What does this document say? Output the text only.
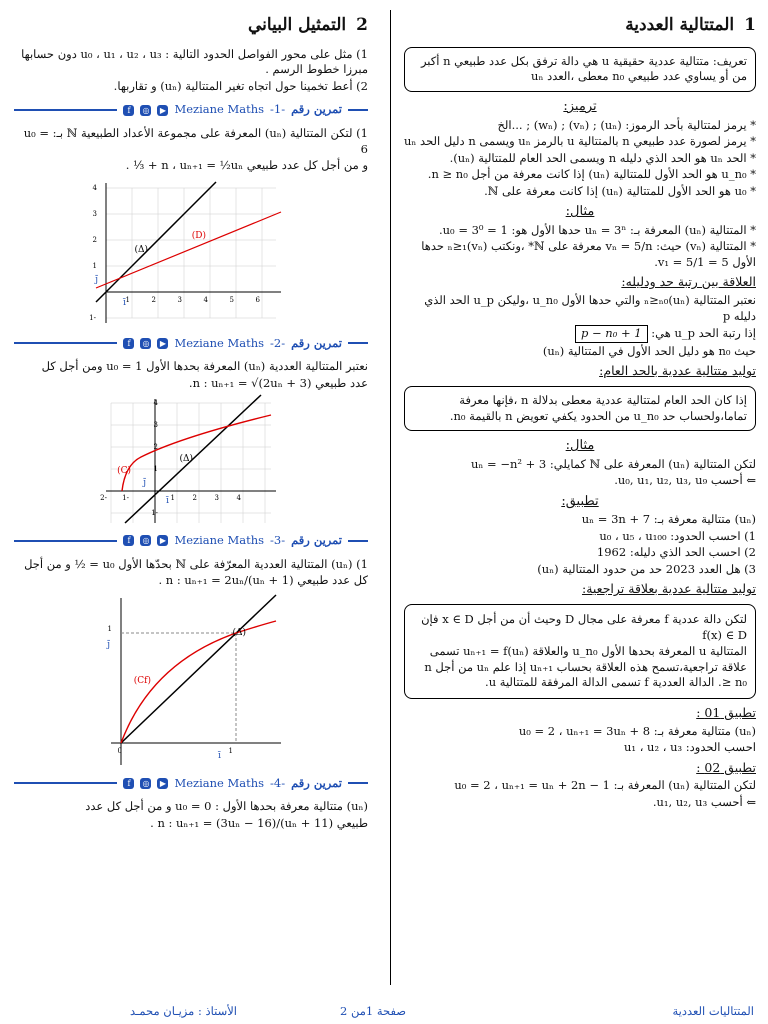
1
المتتالية العددية
تعريف: متتالية عددية حقيقية u هي دالة ترفق بكل عدد طبيعي n أكبر من أو يساوي عدد طبيعي n₀ معطى ،العدد uₙ
ترميز:
* يرمز لمتتالية بأحد الرموز: (uₙ) ; (vₙ) ; (wₙ) ; ...الخ
* يرمز لصورة عدد طبيعي n بالمتتالية u بالرمز uₙ ويسمى n دليل الحد uₙ
* الحد uₙ هو الحد الذي دليله n ويسمى الحد العام للمتتالية (uₙ).
* u_n₀ هو الحد الأول للمتتالية (uₙ) إذا كانت معرفة من أجل n ≥ n₀.
* u₀ هو الحد الأول للمتتالية (uₙ) إذا كانت معرفة على ℕ.
مثال:
* المتتالية (uₙ) المعرفة بـ: uₙ = 3ⁿ حدها الأول هو: u₀ = 3⁰ = 1.
* المتتالية (vₙ) حيث: vₙ = 5/n معرفة على ℕ* ،ونكتب (vₙ)ₙ≥₁ حدها الأول v₁ = 5/1 = 5.
العلاقة بين رتبة حد ودليله:
نعتبر المتتالية (uₙ)ₙ≥ₙ₀ والتي حدها الأول u_n₀ ،وليكن u_p الحد الذي دليله p
إذا رتبة الحد u_p هي: p − n₀ + 1
حيث n₀ هو دليل الحد الأول في المتتالية (uₙ)
توليد متتالية عددية بالحد العام:
إذا كان الحد العام لمتتالية عددية معطى بدلالة n ،فإنها معرفة تماما،ولحساب حد u_n₀ من الحدود يكفي تعويض n بالقيمة n₀.
مثال:
لتكن المتتالية (uₙ) المعرفة على ℕ كمايلي: uₙ = −n² + 3
⇐ أحسب u₀, u₁, u₂, u₃, u₉.
تطبيق:
(uₙ) متتالية معرفة بـ: uₙ = 3n + 7
1) احسب الحدود: u₀ ، u₅ ، u₁₀₀
2) احسب الحد الذي دليله: 1962
3) هل العدد 2023 حد من حدود المتتالية (uₙ)
توليد متتالية عددية بعلاقة تراجعية:
لتكن دالة عددية f معرفة على مجال D وحيث أن من أجل x ∈ D فإن f(x) ∈ D
المتتالية u المعرفة بحدها الأول u_n₀ والعلاقة uₙ₊₁ = f(uₙ) تسمى علاقة تراجعية،تسمح هذه العلاقة بحساب uₙ₊₁ إذا علم uₙ من أجل n ≥ n₀. الدالة العددية f تسمى الدالة المرفقة للمتتالية u.
تطبيق 01 :
(uₙ) متتالية معرفة بـ: u₀ = 2 ، uₙ₊₁ = 3uₙ + 8
احسب الحدود: u₁ ، u₂ ، u₃
تطبيق 02 :
لتكن المتتالية (uₙ) المعرفة بـ: u₀ = 2 ، uₙ₊₁ = uₙ + 2n − 1
⇐ أحسب u₁, u₂, u₃.
2
التمثيل البياني
1) مثل على محور الفواصل الحدود التالية : u₀ ، u₁ ، u₂ ، u₃ دون حسابها مبرزا خطوط الرسم .
2) أعط تخمينا حول اتجاه تغير المتتالية (uₙ) و تقاربها.
f	◎	▶ Meziane Maths -1- تمرين رقم
1) لتكن المتتالية (uₙ) المعرفة على مجموعة الأعداد الطبيعية ℕ بـ: u₀ = 6
و من أجل كل عدد طبيعي n ، uₙ₊₁ = ½uₙ + ⅓ .
(D)
(Δ)
ī
j̄
1	2	3	4	5	6
4
3
2
1
-1
f	◎	▶ Meziane Maths -2- تمرين رقم
نعتبر المتتالية العددية (uₙ) المعرفة بحدها الأول u₀ = 1 ومن أجل كل
عدد طبيعي n : uₙ₊₁ = √(2uₙ + 3).
(C)
(Δ)
ī
j̄
-2 -1	1	2	3	4
4
3
2
1
-1
f	◎	▶ Meziane Maths -3- تمرين رقم
1) (uₙ) المتتالية العددية المعرّفة على ℕ بحدّها الأول u₀ = ½ و من أجل
كل عدد طبيعي n : uₙ₊₁ = 2uₙ/(uₙ + 1) .
(Cf)
(Δ)
ī
j̄
0	1
1
f	◎	▶ Meziane Maths -4- تمرين رقم
(uₙ) متتالية معرفة بحدها الأول : u₀ = 0 و من أجل كل عدد
طبيعي n : uₙ₊₁ = (3uₙ − 16)/(uₙ + 11) .
الأستاذ : مزيـان محمـد	صفحة 1من 2	المتتاليات العددية
